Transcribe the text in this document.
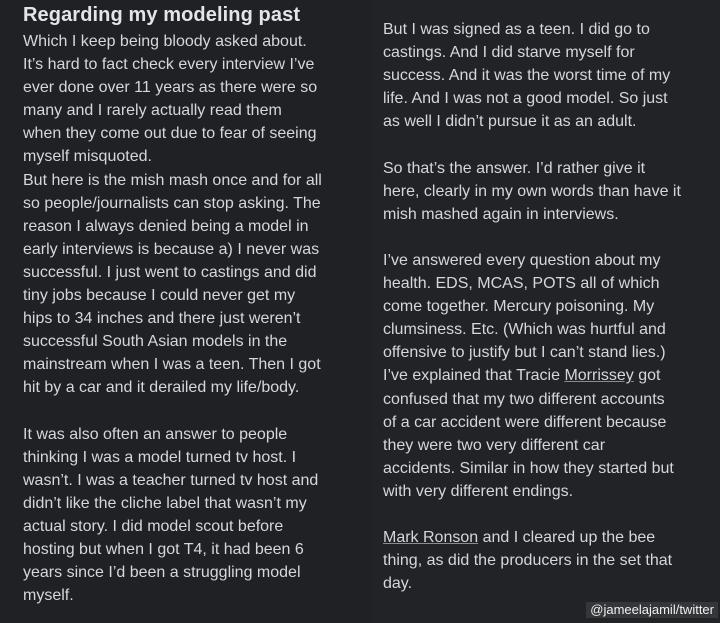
Regarding my modeling past

Which I keep being bloody asked about.
It’s hard to fact check every interview I’ve
ever done over 11 years as there were so
many and I rarely actually read them
when they come out due to fear of seeing
myself misquoted.

But here is the mish mash once and for all
so people/journalists can stop asking. The
reason I always denied being a model in
early interviews is because a) I never was
successful. I just went to castings and did
tiny jobs because I could never get my
hips to 34 inches and there just weren’t
successful South Asian models in the
mainstream when I was a teen. Then I got
hit by a car and it derailed my life/body.

It was also often an answer to people
thinking I was a model turned tv host. I
wasn’t. I was a teacher turned tv host and
didn’t like the cliche label that wasn’t my
actual story. I did model scout before
hosting but when I got T4, it had been 6
years since I’d been a struggling model
myself.

But I was signed as a teen. I did go to
castings. And I did starve myself for
success. And it was the worst time of my
life. And I was not a good model. So just
as well I didn’t pursue it as an adult.

So that’s the answer. I’d rather give it
here, clearly in my own words than have it
mish mashed again in interviews.

I’ve answered every question about my
health. EDS, MCAS, POTS all of which
come together. Mercury poisoning. My
clumsiness. Etc. (Which was hurtful and
offensive to justify but I can’t stand lies.)
I’ve explained that Tracie Morrissey got
confused that my two different accounts
of a car accident were different because
they were two very different car
accidents. Similar in how they started but
with very different endings.

Mark Ronson and I cleared up the bee
thing, as did the producers in the set that
day.

@jameelajamil/twitter
